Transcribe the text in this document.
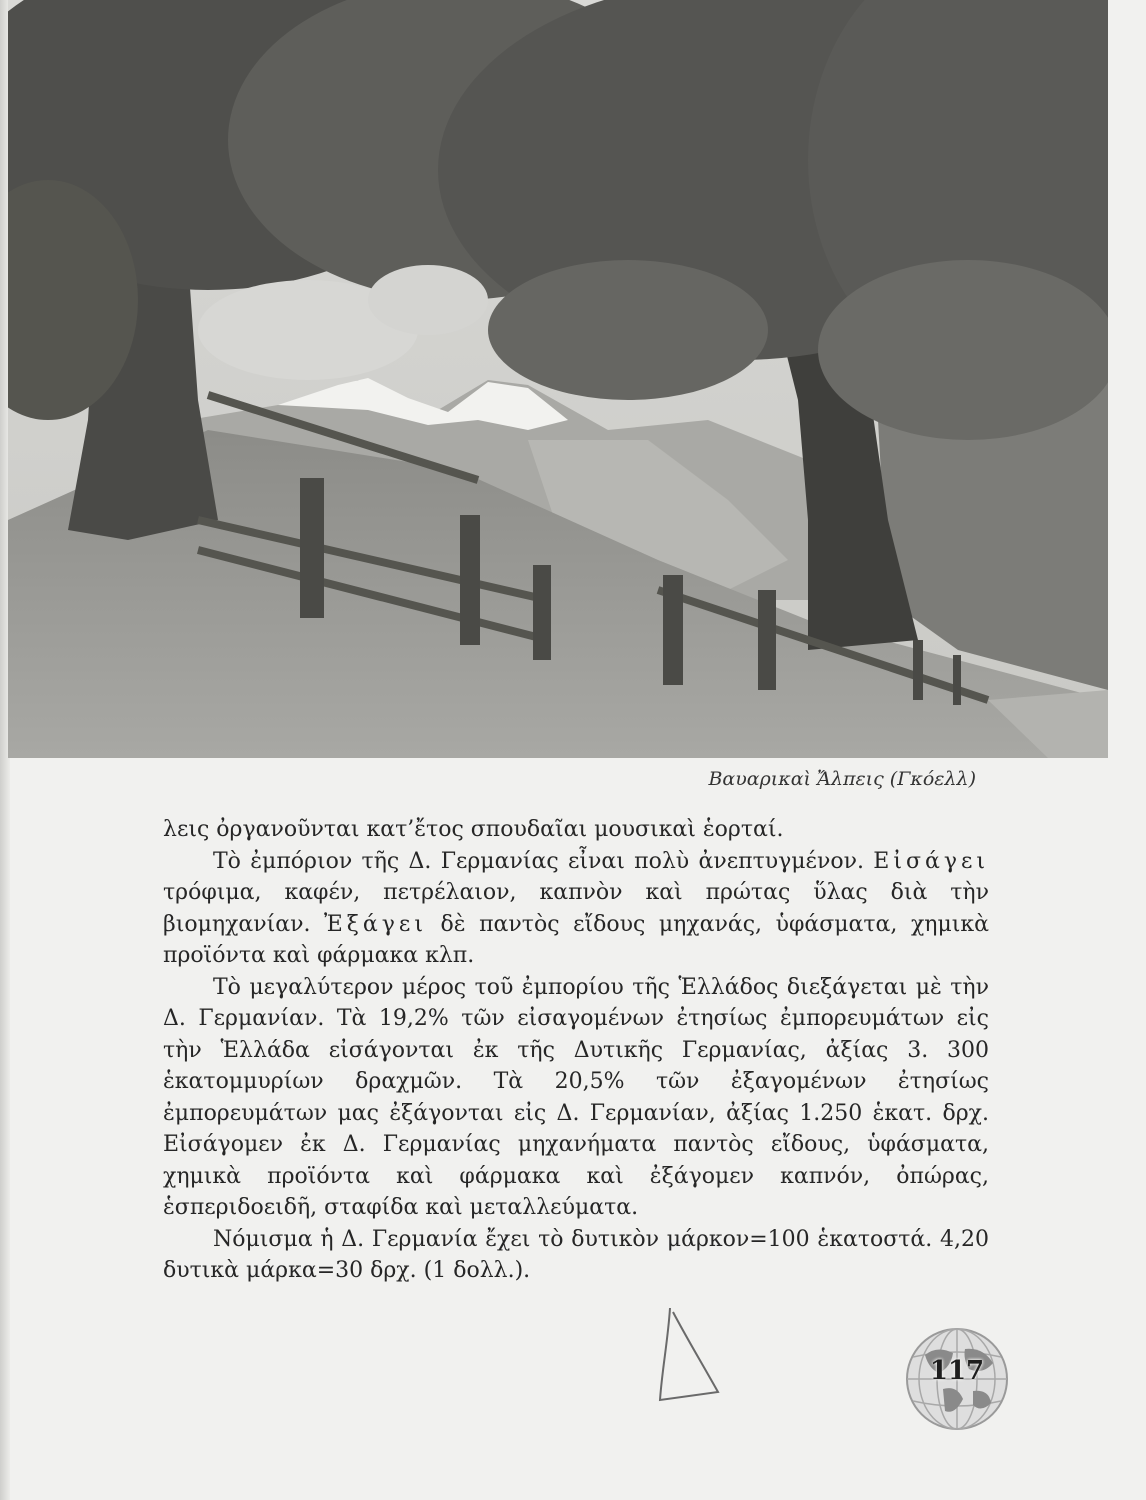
Βαυαρικαὶ Ἄλπεις (Γκόελλ)

λεις ὀργανοῦνται κατ’ἔτος σπουδαῖαι μουσικαὶ ἑορταί.

Τὸ ἐμπόριον τῆς Δ. Γερμανίας εἶναι πολὺ ἀνεπτυγμένον. Εἰσάγει τρόφιμα, καφέν, πετρέλαιον, καπνὸν καὶ πρώτας ὕλας διὰ τὴν βιομηχανίαν. Ἐξάγει δὲ παντὸς εἴδους μηχανάς, ὑφάσματα, χημικὰ προϊόντα καὶ φάρμακα κλπ.

Τὸ μεγαλύτερον μέρος τοῦ ἐμπορίου τῆς Ἑλλάδος διεξάγεται μὲ τὴν Δ. Γερμανίαν. Τὰ 19,2% τῶν εἰσαγομένων ἐτησίως ἐμπορευμάτων εἰς τὴν Ἑλλάδα εἰσάγονται ἐκ τῆς Δυτικῆς Γερμανίας, ἀξίας 3. 300 ἑκατομμυρίων δραχμῶν. Τὰ 20,5% τῶν ἐξαγομένων ἐτησίως ἐμπορευμάτων μας ἐξάγονται εἰς Δ. Γερμανίαν, ἀξίας 1.250 ἑκατ. δρχ. Εἰσάγομεν ἐκ Δ. Γερμανίας μηχανήματα παντὸς εἴδους, ὑφάσματα, χημικὰ προϊόντα καὶ φάρμακα καὶ ἐξάγομεν καπνόν, ὀπώρας, ἑσπεριδοειδῆ, σταφίδα καὶ μεταλλεύματα.

Νόμισμα ἡ Δ. Γερμανία ἔχει τὸ δυτικὸν μάρκον=100 ἑκατοστά. 4,20 δυτικὰ μάρκα=30 δρχ. (1 δολλ.).

117
